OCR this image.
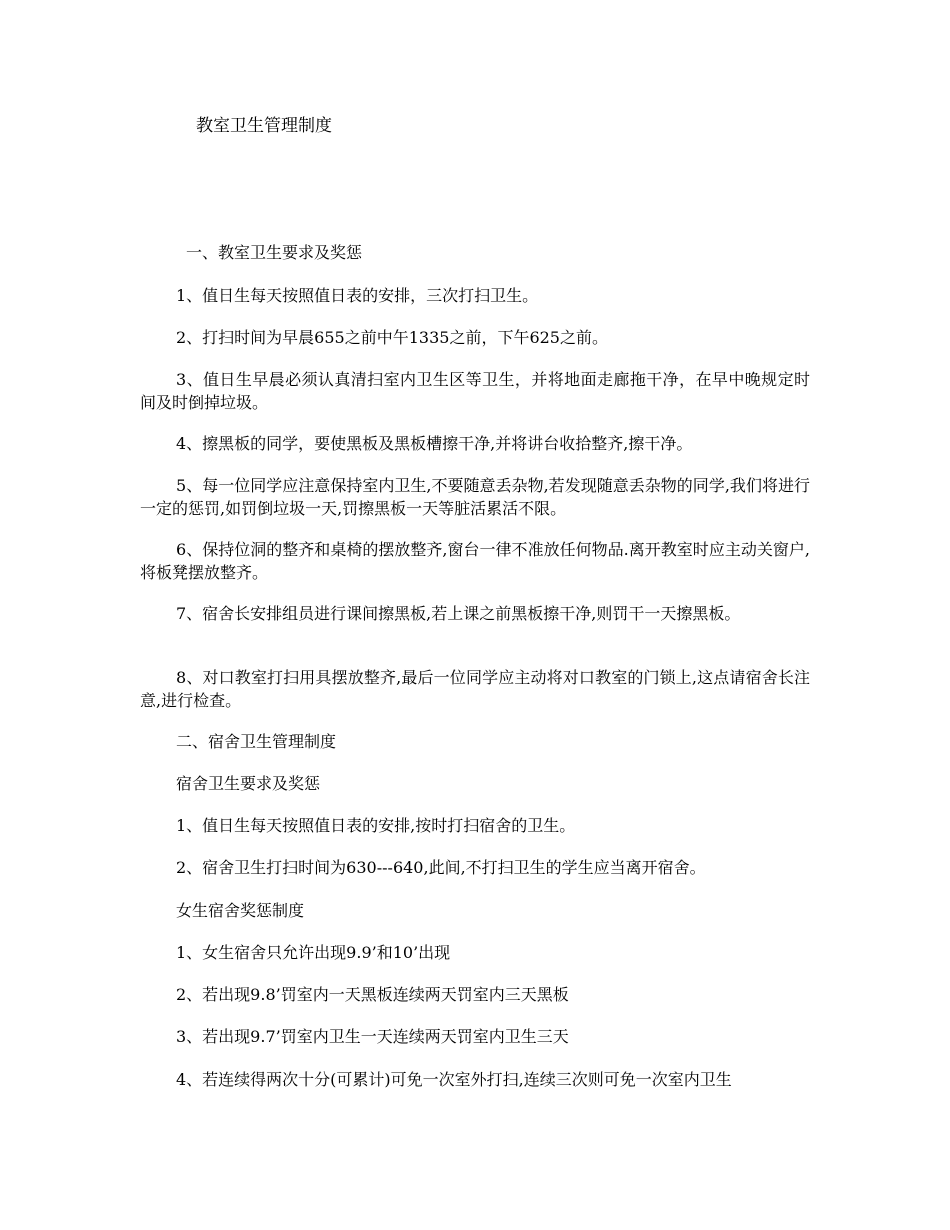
教室卫生管理制度
一、教室卫生要求及奖惩
1、值日生每天按照值日表的安排，三次打扫卫生。
2、打扫时间为早晨655之前中午1335之前，下午625之前。
3、值日生早晨必须认真清扫室内卫生区等卫生，并将地面走廊拖干净，在早中晚规定时间及时倒掉垃圾。
4、擦黑板的同学，要使黑板及黑板槽擦干净,并将讲台收拾整齐,擦干净。
5、每一位同学应注意保持室内卫生,不要随意丢杂物,若发现随意丢杂物的同学,我们将进行一定的惩罚,如罚倒垃圾一天,罚擦黑板一天等脏活累活不限。
6、保持位洞的整齐和桌椅的摆放整齐,窗台一律不准放任何物品.离开教室时应主动关窗户,将板凳摆放整齐。
7、宿舍长安排组员进行课间擦黑板,若上课之前黑板擦干净,则罚干一天擦黑板。
8、对口教室打扫用具摆放整齐,最后一位同学应主动将对口教室的门锁上,这点请宿舍长注意,进行检查。
二、宿舍卫生管理制度
宿舍卫生要求及奖惩
1、值日生每天按照值日表的安排,按时打扫宿舍的卫生。
2、宿舍卫生打扫时间为630---640,此间,不打扫卫生的学生应当离开宿舍。
女生宿舍奖惩制度
1、女生宿舍只允许出现9.9’和10’出现
2、若出现9.8’罚室内一天黑板连续两天罚室内三天黑板
3、若出现9.7’罚室内卫生一天连续两天罚室内卫生三天
4、若连续得两次十分(可累计)可免一次室外打扫,连续三次则可免一次室内卫生
